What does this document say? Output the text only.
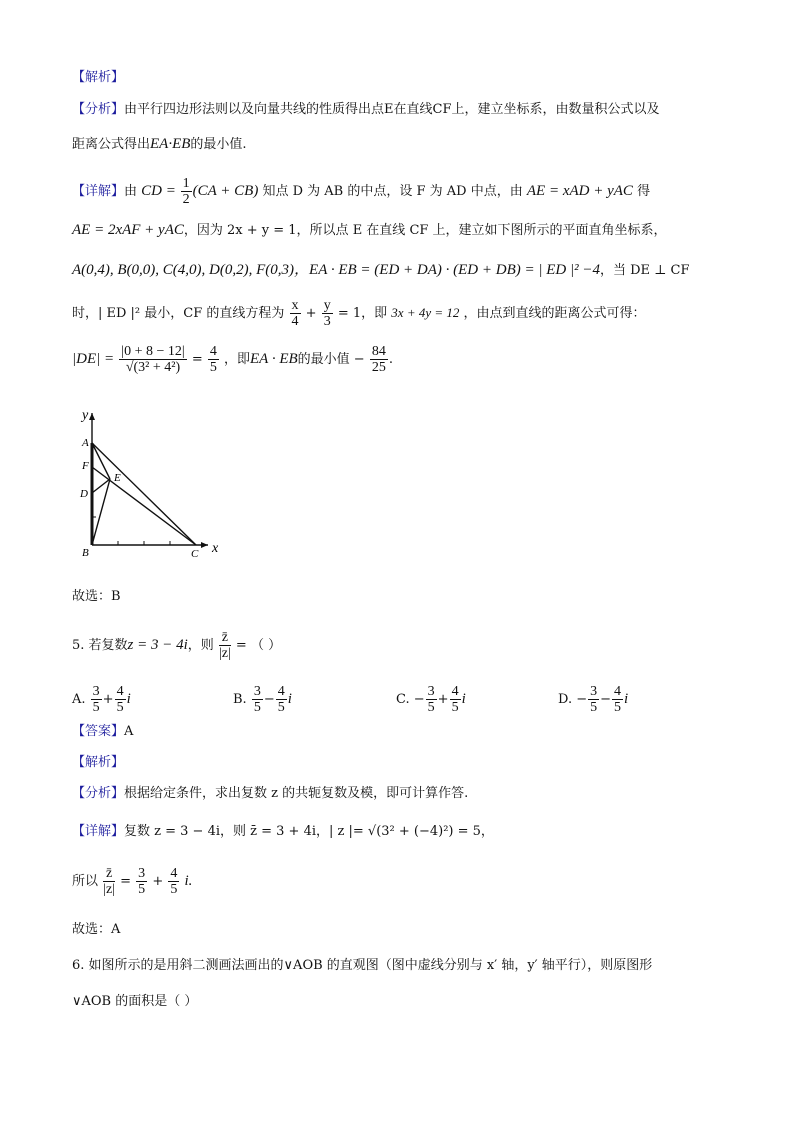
【解析】
【分析】由平行四边形法则以及向量共线的性质得出点E在直线CF上，建立坐标系，由数量积公式以及
距离公式得出EA·EB的最小值.
【详解】由 CD = $\frac{1}{2} (CA + CB)$ 知点 D 为 AB 的中点，设 F 为 AD 中点，由 AE = xAD + yAC 得
AE = 2xAF + yAC，因为 2x + y = 1，所以点 E 在直线 CF 上，建立如下图所示的平面直角坐标系，
A(0,4), B(0,0), C(4,0), D(0,2), F(0,3)，EA · EB = (ED + DA) · (ED + DB) = | ED |² −4，当 DE ⊥ CF
时，| ED |² 最小，CF 的直线方程为 $\frac{x}{4} + \frac{y}{3} = 1$，即 3x + 4y = 12 ，由点到直线的距离公式可得：
$|DE| = \frac{|0 + 8 - 12|}{\text{√(3² + 4²)}} = \frac{4}{5}$ ，即EA · EB的最小值 − $\frac{84}{25}$ .
y
x
A
F
E
D
B	C
故选：B
5. 若复数z = 3 − 4i，则 $\frac{z̄}{|z|}$ = （ ）
A. $\frac{3}{5} + \frac{4}{5}$ i	B. $\frac{3}{5} - \frac{4}{5}$ i	C. − $\frac{3}{5} + \frac{4}{5}$ i	D. − $\frac{3}{5} - \frac{4}{5}$ i
【答案】A
【解析】
【分析】根据给定条件，求出复数 z 的共轭复数及模，即可计算作答.
【详解】复数 z = 3 − 4i，则 z̄ = 3 + 4i，| z |= √(3² + (−4)²) = 5，
所以 $\frac{z̄}{|z|} = \frac{3}{5} + \frac{4}{5} i$.
故选：A
6. 如图所示的是用斜二测画法画出的∨AOB 的直观图（图中虚线分别与 x′ 轴，y′ 轴平行），则原图形
∨AOB 的面积是（ ）
